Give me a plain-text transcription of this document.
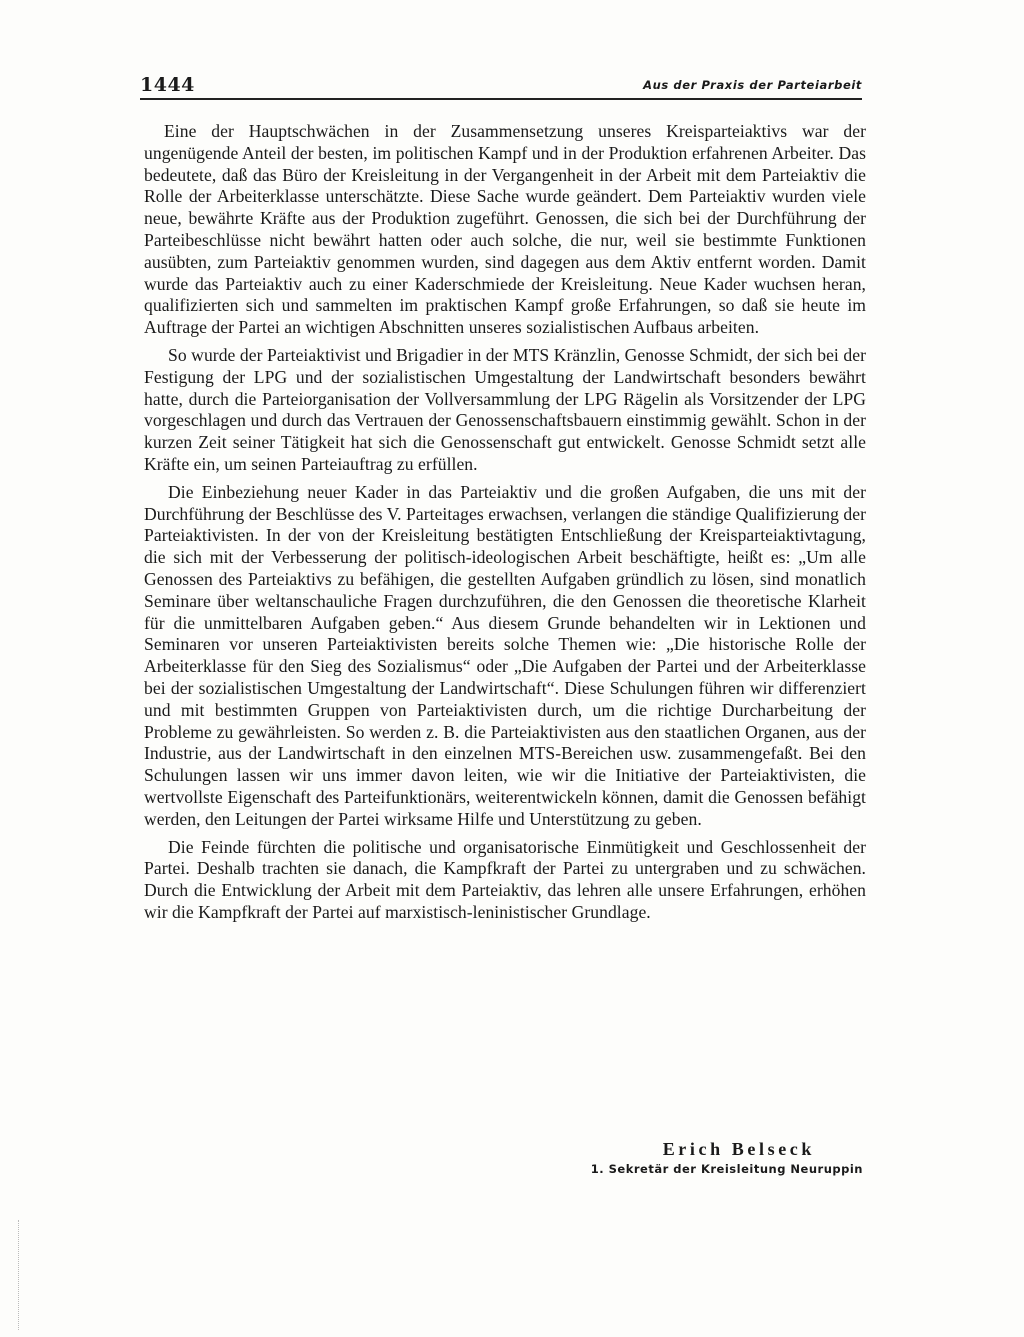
1444	Aus der Praxis der Parteiarbeit

Eine der Hauptschwächen in der Zusammensetzung unseres Kreisparteiaktivs war der ungenügende Anteil der besten, im politischen Kampf und in der Produktion erfahrenen Arbeiter. Das bedeutete, daß das Büro der Kreisleitung in der Vergangenheit in der Arbeit mit dem Parteiaktiv die Rolle der Arbeiterklasse unterschätzte. Diese Sache wurde geändert. Dem Parteiaktiv wurden viele neue, bewährte Kräfte aus der Produktion zugeführt. Genossen, die sich bei der Durchführung der Parteibeschlüsse nicht bewährt hatten oder auch solche, die nur, weil sie bestimmte Funktionen ausübten, zum Parteiaktiv genommen wurden, sind dagegen aus dem Aktiv entfernt worden. Damit wurde das Parteiaktiv auch zu einer Kaderschmiede der Kreisleitung. Neue Kader wuchsen heran, qualifizierten sich und sammelten im praktischen Kampf große Erfahrungen, so daß sie heute im Auftrage der Partei an wichtigen Abschnitten unseres sozialistischen Aufbaus arbeiten.

So wurde der Parteiaktivist und Brigadier in der MTS Kränzlin, Genosse Schmidt, der sich bei der Festigung der LPG und der sozialistischen Umgestaltung der Landwirtschaft besonders bewährt hatte, durch die Parteiorganisation der Vollversammlung der LPG Rägelin als Vorsitzender der LPG vorgeschlagen und durch das Vertrauen der Genossenschaftsbauern einstimmig gewählt. Schon in der kurzen Zeit seiner Tätigkeit hat sich die Genossenschaft gut entwickelt. Genosse Schmidt setzt alle Kräfte ein, um seinen Parteiauftrag zu erfüllen.

Die Einbeziehung neuer Kader in das Parteiaktiv und die großen Aufgaben, die uns mit der Durchführung der Beschlüsse des V. Parteitages erwachsen, verlangen die ständige Qualifizierung der Parteiaktivisten. In der von der Kreisleitung bestätigten Entschließung der Kreisparteiaktivtagung, die sich mit der Verbesserung der politisch-ideologischen Arbeit beschäftigte, heißt es: „Um alle Genossen des Parteiaktivs zu befähigen, die gestellten Aufgaben gründlich zu lösen, sind monatlich Seminare über weltanschauliche Fragen durchzuführen, die den Genossen die theoretische Klarheit für die unmittelbaren Aufgaben geben.“ Aus diesem Grunde behandelten wir in Lektionen und Seminaren vor unseren Parteiaktivisten bereits solche Themen wie: „Die historische Rolle der Arbeiterklasse für den Sieg des Sozialismus“ oder „Die Aufgaben der Partei und der Arbeiterklasse bei der sozialistischen Umgestaltung der Landwirtschaft“. Diese Schulungen führen wir differenziert und mit bestimmten Gruppen von Parteiaktivisten durch, um die richtige Durcharbeitung der Probleme zu gewährleisten. So werden z. B. die Parteiaktivisten aus den staatlichen Organen, aus der Industrie, aus der Landwirtschaft in den einzelnen MTS-Bereichen usw. zusammengefaßt. Bei den Schulungen lassen wir uns immer davon leiten, wie wir die Initiative der Parteiaktivisten, die wertvollste Eigenschaft des Parteifunktionärs, weiterentwickeln können, damit die Genossen befähigt werden, den Leitungen der Partei wirksame Hilfe und Unterstützung zu geben.

Die Feinde fürchten die politische und organisatorische Einmütigkeit und Geschlossenheit der Partei. Deshalb trachten sie danach, die Kampfkraft der Partei zu untergraben und zu schwächen. Durch die Entwicklung der Arbeit mit dem Parteiaktiv, das lehren alle unsere Erfahrungen, erhöhen wir die Kampfkraft der Partei auf marxistisch-leninistischer Grundlage.

Erich Belseck
1. Sekretär der Kreisleitung Neuruppin
